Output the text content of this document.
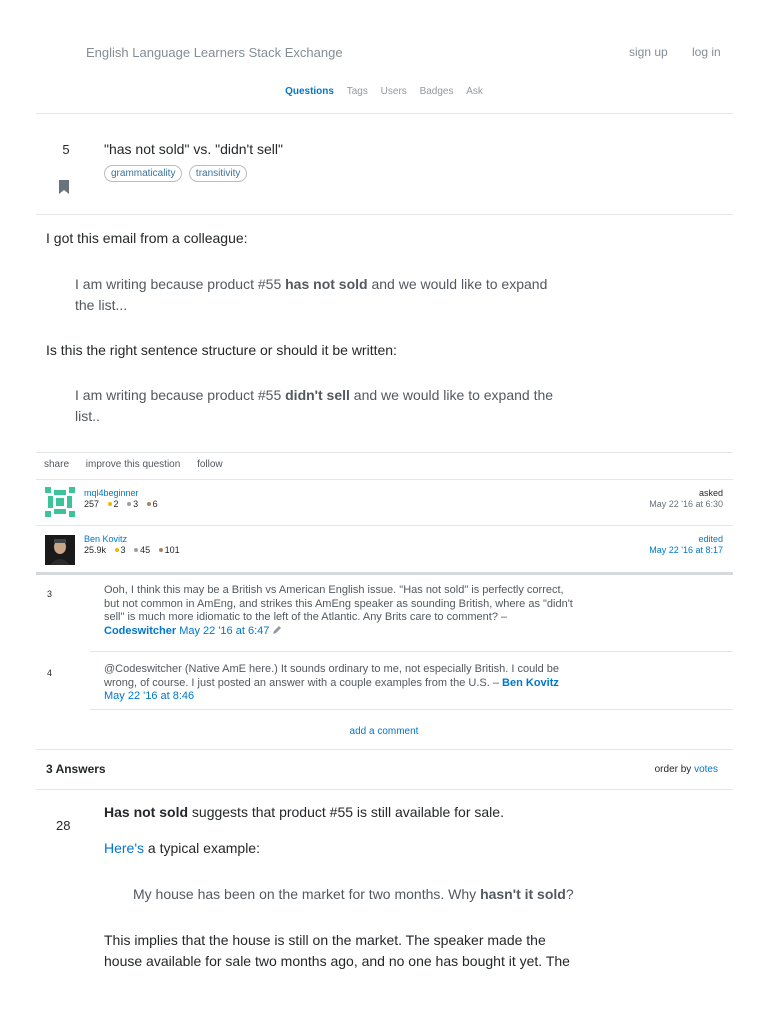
English Language Learners Stack Exchange	sign up log in
Questions Tags Users Badges Ask
5	"has not sold" vs. "didn't sell"
grammaticality transitivity
I got this email from a colleague:
I am writing because product #55 has not sold and we would like to expand
the list...
Is this the right sentence structure or should it be written:
I am writing because product #55 didn't sell and we would like to expand the
list..
share improve this question follow
mql4beginner
257 2 3 6
asked
May 22 '16 at 6:30
Ben Kovitz
25.9k 3 45 101
edited
May 22 '16 at 8:17
3	Ooh, I think this may be a British vs American English issue. "Has not sold" is perfectly correct,
but not common in AmEng, and strikes this AmEng speaker as sounding British, where as "didn't
sell" is much more idiomatic to the left of the Atlantic. Any Brits care to comment? –
Codeswitcher May 22 '16 at 6:47
4	@Codeswitcher (Native AmE here.) It sounds ordinary to me, not especially British. I could be
wrong, of course. I just posted an answer with a couple examples from the U.S. – Ben Kovitz
May 22 '16 at 8:46
add a comment
3 Answers	order by votes
28
Has not sold suggests that product #55 is still available for sale.
Here's a typical example:
My house has been on the market for two months. Why hasn't it sold?
This implies that the house is still on the market. The speaker made the
house available for sale two months ago, and no one has bought it yet. The
